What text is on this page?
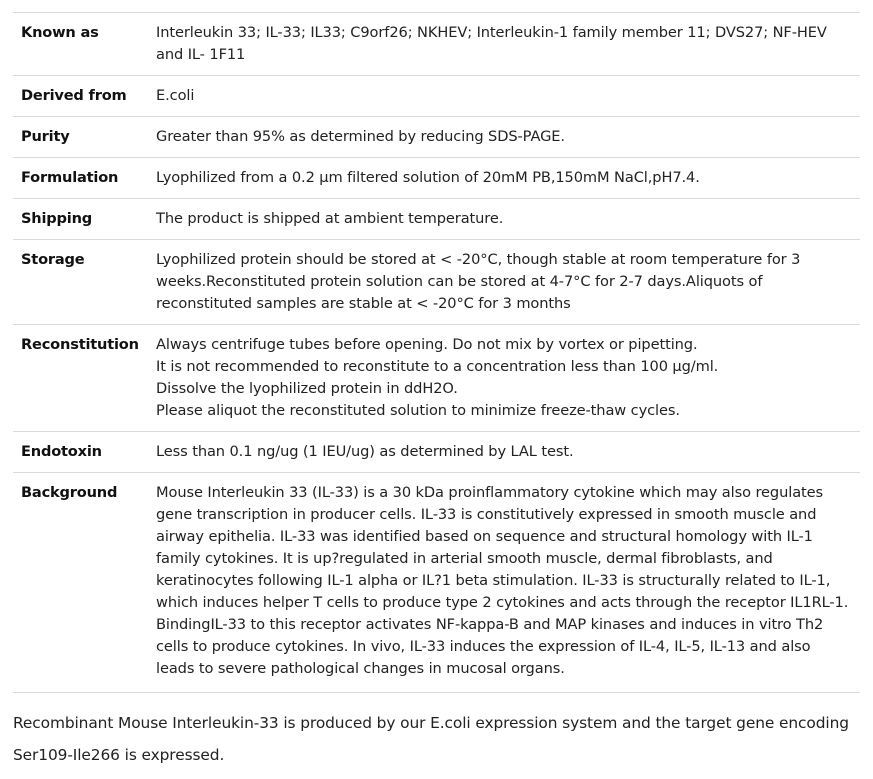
Known as	Interleukin 33; IL-33; IL33; C9orf26; NKHEV; Interleukin-1 family member 11; DVS27; NF-HEV and IL- 1F11
Derived from	E.coli
Purity	Greater than 95% as determined by reducing SDS-PAGE.
Formulation	Lyophilized from a 0.2 μm filtered solution of 20mM PB,150mM NaCl,pH7.4.
Shipping	The product is shipped at ambient temperature.
Storage	Lyophilized protein should be stored at < -20°C, though stable at room temperature for 3 weeks.Reconstituted protein solution can be stored at 4-7°C for 2-7 days.Aliquots of reconstituted samples are stable at < -20°C for 3 months
Reconstitution	Always centrifuge tubes before opening. Do not mix by vortex or pipetting.
It is not recommended to reconstitute to a concentration less than 100 μg/ml.
Dissolve the lyophilized protein in ddH2O.
Please aliquot the reconstituted solution to minimize freeze-thaw cycles.

Endotoxin	Less than 0.1 ng/ug (1 IEU/ug) as determined by LAL test.
Background	Mouse Interleukin 33 (IL-33) is a 30 kDa proinflammatory cytokine which may also regulates gene transcription in producer cells. IL-33 is constitutively expressed in smooth muscle and airway epithelia. IL-33 was identified based on sequence and structural homology with IL-1 family cytokines. It is up?regulated in arterial smooth muscle, dermal fibroblasts, and keratinocytes following IL-1 alpha or IL?1 beta stimulation. IL-33 is structurally related to IL-1, which induces helper T cells to produce type 2 cytokines and acts through the receptor IL1RL-1. BindingIL-33 to this receptor activates NF-kappa-B and MAP kinases and induces in vitro Th2 cells to produce cytokines. In vivo, IL-33 induces the expression of IL-4, IL-5, IL-13 and also leads to severe pathological changes in mucosal organs.

Recombinant Mouse Interleukin-33 is produced by our E.coli expression system and the target gene encoding Ser109-Ile266 is expressed.
